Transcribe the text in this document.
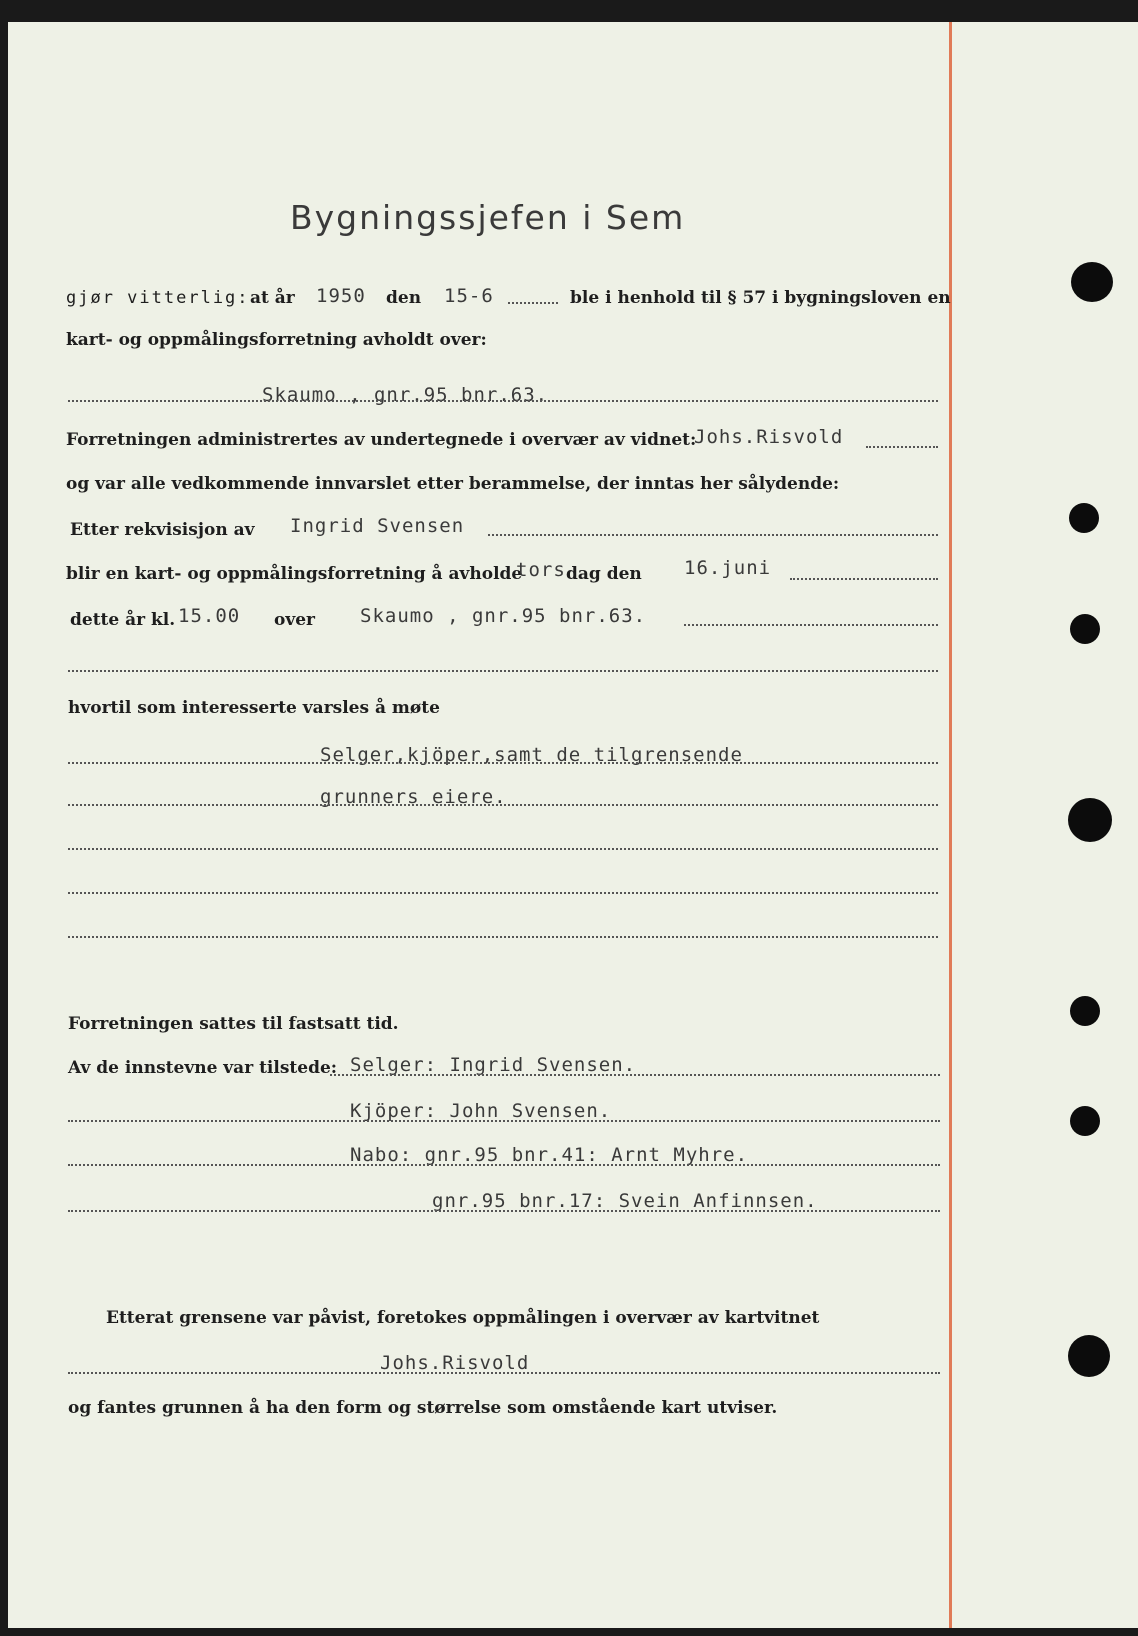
Bygningssjefen i Sem
gjør vitterlig: at år 1950 den 15-6	ble i henhold til § 57 i bygningsloven en
kart- og oppmålingsforretning avholdt over:
Skaumo , gnr.95 bnr.63.
Forretningen administrertes av undertegnede i overvær av vidnet:
Johs.Risvold
og var alle vedkommende innvarslet etter berammelse, der inntas her sålydende:
Etter rekvisisjon av Ingrid Svensen
blir en kart- og oppmålingsforretning å avholde
tors dag den 16.juni
dette år kl. 15.00 over Skaumo , gnr.95 bnr.63.
hvortil som interesserte varsles å møte
Selger,kjöper,samt de tilgrensende
grunners eiere.
Forretningen sattes til fastsatt tid.
Av de innstevne var tilstede: Selger: Ingrid Svensen.
Kjöper: John Svensen.
Nabo: gnr.95 bnr.41: Arnt Myhre.
gnr.95 bnr.17: Svein Anfinnsen.
Etterat grensene var påvist, foretokes oppmålingen i overvær av kartvitnet
Johs.Risvold
og fantes grunnen å ha den form og størrelse som omstående kart utviser.
